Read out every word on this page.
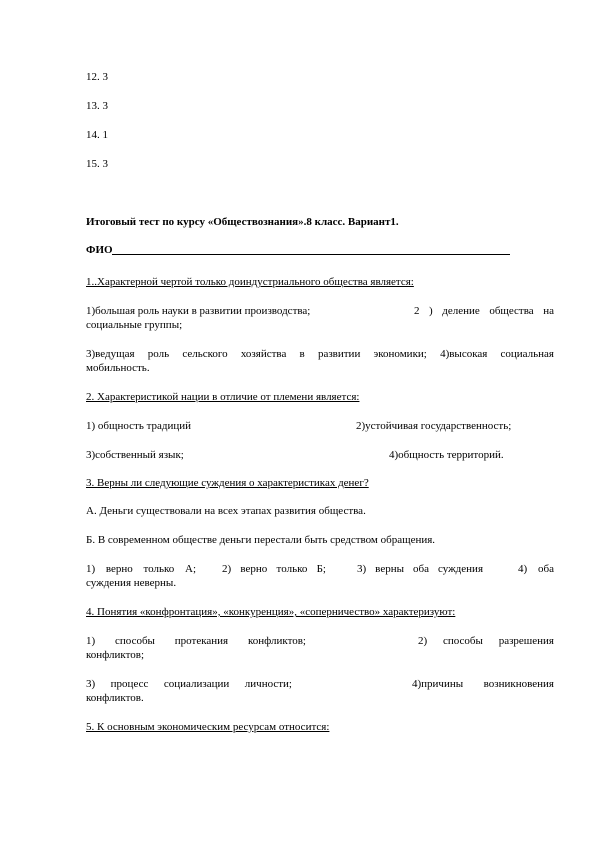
12. 3
13. 3
14. 1
15. 3
Итоговый тест по курсу «Обществознания».8 класс. Вариант1.
ФИО
1..Характерной чертой только доиндустриального общества является:
1)большая роль науки в развитии производства;	2 ) деление общества на
социальные группы;
3)ведущая роль сельского хозяйства в развитии экономики; 4)высокая социальная
мобильность.
2. Характеристикой нации в отличие от племени является:
1) общность традиций	2)устойчивая государственность;
3)собственный язык;	4)общность территорий.
3. Верны ли следующие суждения о характеристиках денег?
А. Деньги существовали на всех этапах развития общества.
Б. В современном обществе деньги перестали быть средством обращения.
1) верно только А; 2) верно только Б;	3) верны оба суждения	4) оба
суждения неверны.
4. Понятия «конфронтация», «конкуренция», «соперничество» характеризуют:
1) способы протекания конфликтов;	2) способы разрешения
конфликтов;
3) процесс социализации личности;	4)причины возникновения
конфликтов.
5. К основным экономическим ресурсам относится:
